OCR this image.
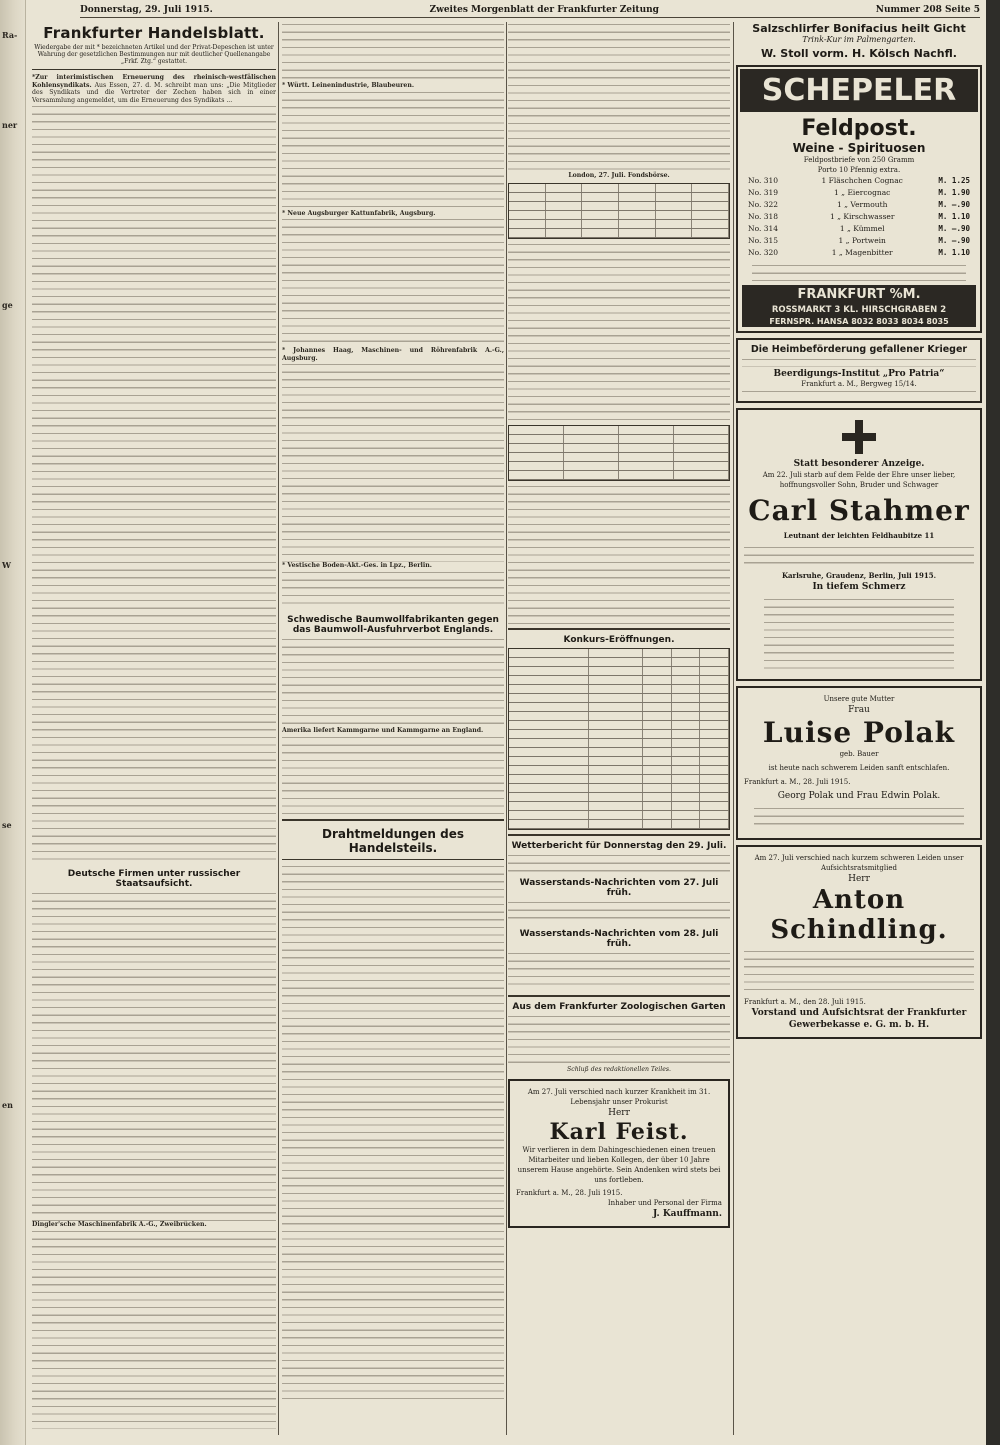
Ra-
ner
ge
W
se
en
Donnerstag, 29. Juli 1915.	Zweites Morgenblatt der Frankfurter Zeitung	Nummer 208 Seite 5
Frankfurter Handelsblatt.
Wiedergabe der mit * bezeichneten Artikel und der Privat-Depeschen ist unter Wahrung der gesetzlichen Bestimmungen nur mit deutlicher Quellenangabe „Frkf. Ztg.“ gestattet.
*Zur interimistischen Erneuerung des rheinisch-westfälischen Kohlensyndikats. Aus Essen, 27. d. M. schreibt man uns: „Die Mitglieder des Syndikats und die Vertreter der Zechen haben sich in einer Versammlung angemeldet, um die Erneuerung des Syndikats ...
Deutsche Firmen unter russischer Staatsaufsicht.
Dingler'sche Maschinenfabrik A.-G., Zweibrücken.
* Württ. Leinenindustrie, Blaubeuren.
* Neue Augsburger Kattunfabrik, Augsburg.
* Johannes Haag, Maschinen- und Röhrenfabrik A.-G., Augsburg.
* Vestische Boden-Akt.-Ges. in Lpz., Berlin.
Schwedische Baumwollfabrikanten gegen das Baumwoll-Ausfuhrverbot Englands.
Amerika liefert Kammgarne und Kammgarne an England.
Drahtmeldungen des Handelsteils.
London, 27. Juli. Fondsbörse.
Konkurs-Eröffnungen.
Wetterbericht für Donnerstag den 29. Juli.
Wasserstands-Nachrichten vom 27. Juli früh.
Wasserstands-Nachrichten vom 28. Juli früh.
Aus dem Frankfurter Zoologischen Garten
Schluß des redaktionellen Teiles.
Am 27. Juli verschied nach kurzer Krankheit im 31. Lebensjahr unser Prokurist
Herr
Karl Feist.
Wir verlieren in dem Dahingeschiedenen einen treuen Mitarbeiter und lieben Kollegen, der über 10 Jahre unserem Hause angehörte. Sein Andenken wird stets bei uns fortleben.
Frankfurt a. M., 28. Juli 1915.
Inhaber und Personal der Firma
J. Kauffmann.
Salzschlirfer Bonifacius heilt Gicht
Trink-Kur im Palmengarten.
W. Stoll vorm. H. Kölsch Nachfl.
SCHEPELER
Feldpost.
Weine - Spirituosen
Feldpostbriefe von 250 Gramm
Porto 10 Pfennig extra.
No. 310	1 Fläschchen Cognac	M. 1.25
No. 319	1 „ Eiercognac	M. 1.90
No. 322	1 „ Vermouth	M. —.90
No. 318	1 „ Kirschwasser	M. 1.10
No. 314	1 „ Kümmel	M. —.90
No. 315	1 „ Portwein	M. —.90
No. 320	1 „ Magenbitter	M. 1.10
FRANKFURT %M.
ROSSMARKT 3 KL. HIRSCHGRABEN 2
FERNSPR. HANSA 8032 8033 8034 8035
Die Heimbeförderung gefallener Krieger
Beerdigungs-Institut „Pro Patria“
Frankfurt a. M., Bergweg 15/14.
Statt besonderer Anzeige.
Am 22. Juli starb auf dem Felde der Ehre unser lieber, hoffnungsvoller Sohn, Bruder und Schwager
Carl Stahmer
Leutnant der leichten Feldhaubitze 11
Karlsruhe, Graudenz, Berlin, Juli 1915.
In tiefem Schmerz
Unsere gute Mutter
Frau
Luise Polak
geb. Bauer
ist heute nach schwerem Leiden sanft entschlafen.
Frankfurt a. M., 28. Juli 1915.
Georg Polak und Frau Edwin Polak.
Am 27. Juli verschied nach kurzem schweren Leiden unser Aufsichtsratsmitglied
Herr
Anton Schindling.
Frankfurt a. M., den 28. Juli 1915.
Vorstand und Aufsichtsrat der Frankfurter Gewerbekasse e. G. m. b. H.
